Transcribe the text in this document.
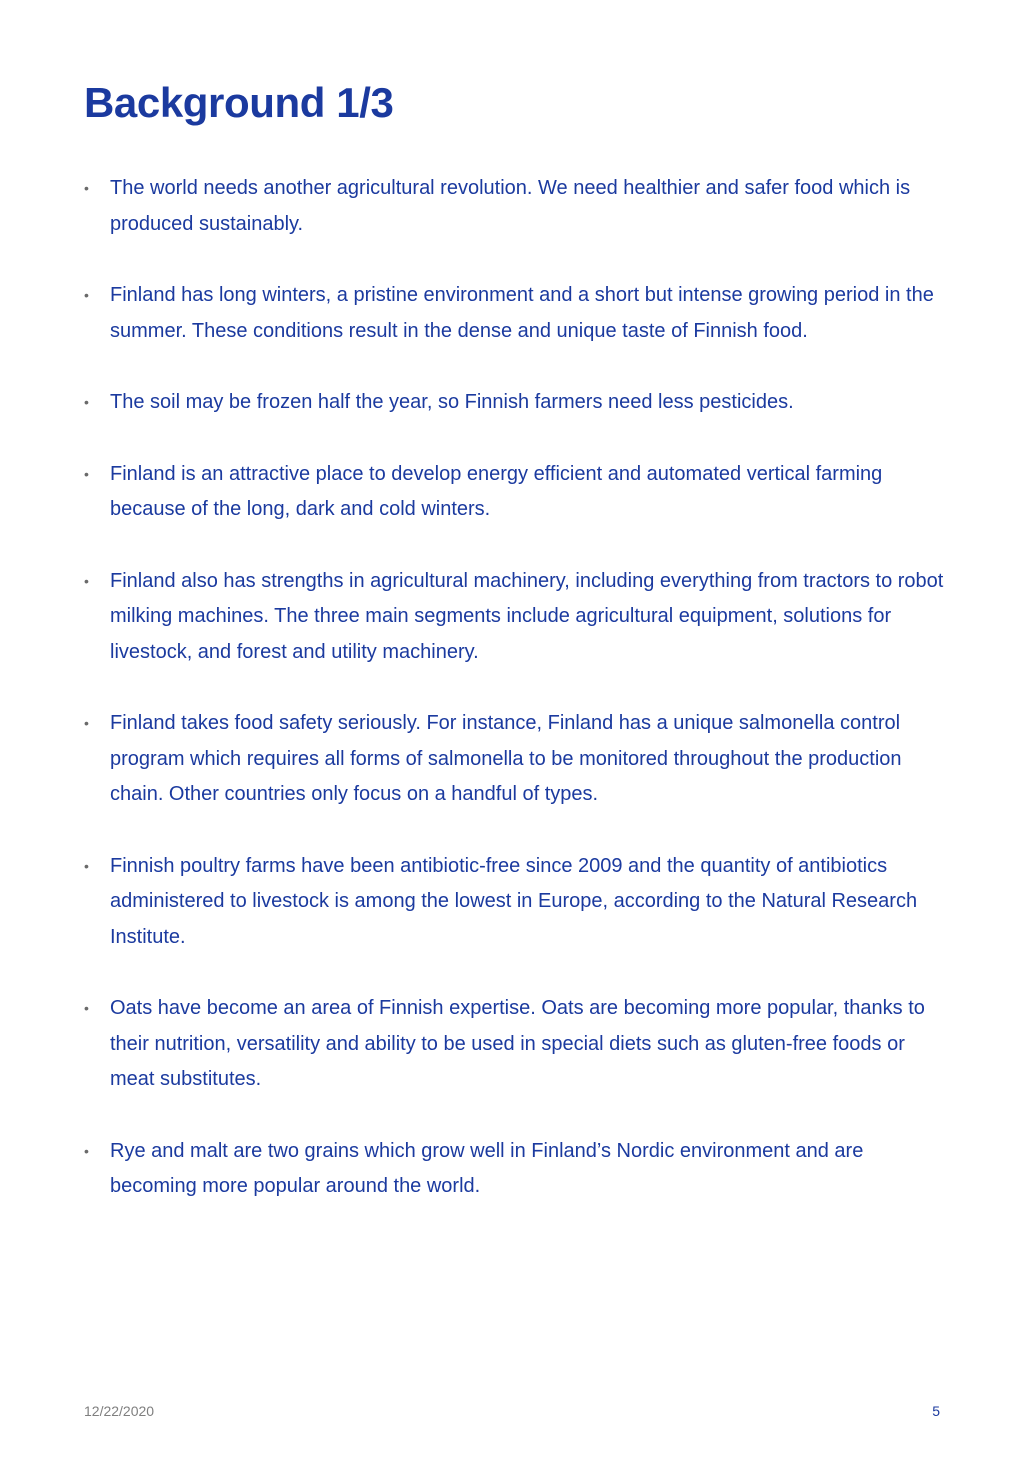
Background 1/3
• The world needs another agricultural revolution. We need healthier and safer food which is produced sustainably.
• Finland has long winters, a pristine environment and a short but intense growing period in the summer. These conditions result in the dense and unique taste of Finnish food.
• The soil may be frozen half the year, so Finnish farmers need less pesticides.
• Finland is an attractive place to develop energy efficient and automated vertical farming because of the long, dark and cold winters.
• Finland also has strengths in agricultural machinery, including everything from tractors to robot milking machines. The three main segments include agricultural equipment, solutions for livestock, and forest and utility machinery.
• Finland takes food safety seriously. For instance, Finland has a unique salmonella control program which requires all forms of salmonella to be monitored throughout the production chain. Other countries only focus on a handful of types.
• Finnish poultry farms have been antibiotic-free since 2009 and the quantity of antibiotics administered to livestock is among the lowest in Europe, according to the Natural Research Institute.
• Oats have become an area of Finnish expertise. Oats are becoming more popular, thanks to their nutrition, versatility and ability to be used in special diets such as gluten-free foods or meat substitutes.
• Rye and malt are two grains which grow well in Finland’s Nordic environment and are becoming more popular around the world.
12/22/2020	5
